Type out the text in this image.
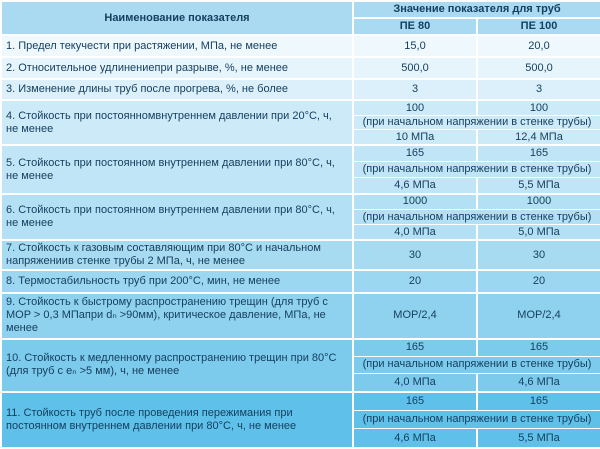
Наименование показателя	Значение показателя для труб	
	ПЕ 80	ПЕ 100
1. Предел текучести при растяжении, МПа, не менее	15,0	20,0
2. Относительное удлинениепри разрыве, %, не менее	500,0	500,0
3. Изменение длины труб после прогрева, %, не более	3	3
4. Стойкость при постоянномвнутреннем давлении при 20°С, ч, не менее	100	100
	(при начальном напряжении в стенке трубы)	
	10 МПа	12,4 МПа
5. Стойкость при постоянном внутреннем давлении при 80°С, ч, не менее	165	165
	(при начальном напряжении в стенке трубы)	
	4,6 МПа	5,5 МПа
6. Стойкость при постоянном внутреннем давлении при 80°С, ч, не менее	1000	1000
	(при начальном напряжении в стенке трубы)	
	4,0 МПа	5,0 МПа
7. Стойкость к газовым составляющим при 80°С и начальном напряжениив стенке трубы 2 МПа, ч, не менее	30	30
8. Термостабильность труб при 200°С, мин, не менее	20	20
9. Стойкость к быстрому распространению трещин (для труб с MOP > 0,3 МПапри dₙ >90мм), критическое давление, МПа, не менее	MOP/2,4	MOP/2,4
10. Стойкость к медленному распространению трещин при 80°С (для труб с eₙ >5 мм), ч, не менее	165	165
	(при начальном напряжении в стенке трубы)	
	4,0 МПа	4,6 МПа
11. Стойкость труб после проведения пережимания при постоянном внутреннем давлении при 80°С, ч, не менее	165	165
	(при начальном напряжении в стенке трубы)	
	4,6 МПа	5,5 МПа
